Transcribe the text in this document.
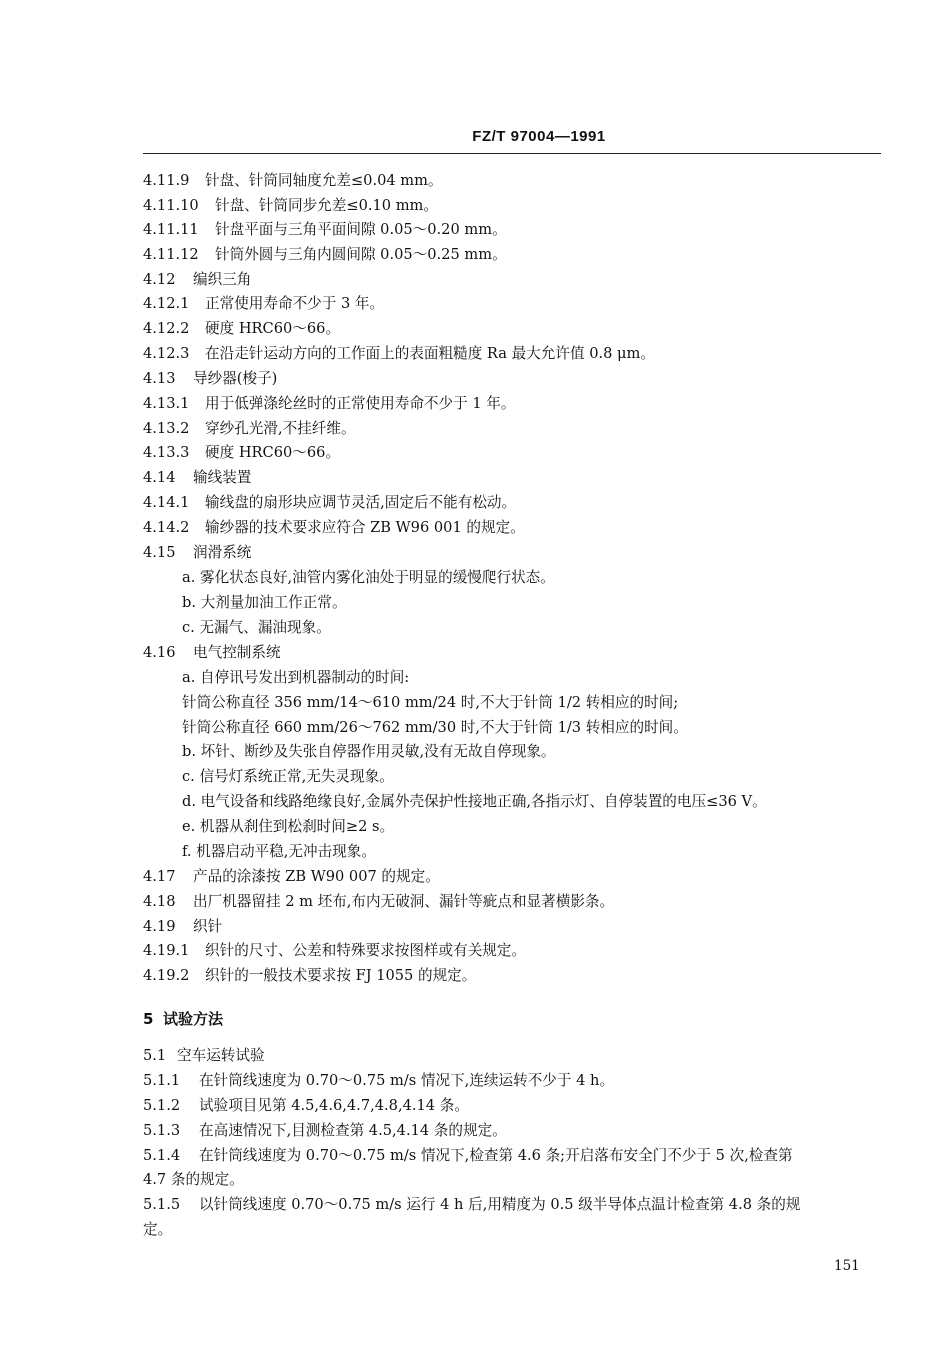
FZ/T 97004—1991
4.11.9 针盘、针筒同轴度允差≤0.04 mm。
4.11.10 针盘、针筒同步允差≤0.10 mm。
4.11.11 针盘平面与三角平面间隙 0.05～0.20 mm。
4.11.12 针筒外圆与三角内圆间隙 0.05～0.25 mm。
4.12 编织三角
4.12.1 正常使用寿命不少于 3 年。
4.12.2 硬度 HRC60～66。
4.12.3 在沿走针运动方向的工作面上的表面粗糙度 Ra 最大允许值 0.8 μm。
4.13 导纱器(梭子)
4.13.1 用于低弹涤纶丝时的正常使用寿命不少于 1 年。
4.13.2 穿纱孔光滑,不挂纤维。
4.13.3 硬度 HRC60～66。
4.14 输线装置
4.14.1 输线盘的扇形块应调节灵活,固定后不能有松动。
4.14.2 输纱器的技术要求应符合 ZB W96 001 的规定。
4.15 润滑系统
a. 雾化状态良好,油管内雾化油处于明显的缓慢爬行状态。
b. 大剂量加油工作正常。
c. 无漏气、漏油现象。
4.16 电气控制系统
a. 自停讯号发出到机器制动的时间:
针筒公称直径 356 mm/14～610 mm/24 时,不大于针筒 1/2 转相应的时间;
针筒公称直径 660 mm/26～762 mm/30 时,不大于针筒 1/3 转相应的时间。
b. 坏针、断纱及失张自停器作用灵敏,没有无故自停现象。
c. 信号灯系统正常,无失灵现象。
d. 电气设备和线路绝缘良好,金属外壳保护性接地正确,各指示灯、自停装置的电压≤36 V。
e. 机器从刹住到松刹时间≥2 s。
f. 机器启动平稳,无冲击现象。
4.17 产品的涂漆按 ZB W90 007 的规定。
4.18 出厂机器留挂 2 m 坯布,布内无破洞、漏针等疵点和显著横影条。
4.19 织针
4.19.1 织针的尺寸、公差和特殊要求按图样或有关规定。
4.19.2 织针的一般技术要求按 FJ 1055 的规定。
5 试验方法
5.1 空车运转试验
5.1.1 在针筒线速度为 0.70～0.75 m/s 情况下,连续运转不少于 4 h。
5.1.2 试验项目见第 4.5,4.6,4.7,4.8,4.14 条。
5.1.3 在高速情况下,目测检查第 4.5,4.14 条的规定。
5.1.4 在针筒线速度为 0.70～0.75 m/s 情况下,检查第 4.6 条;开启落布安全门不少于 5 次,检查第
4.7 条的规定。
5.1.5 以针筒线速度 0.70～0.75 m/s 运行 4 h 后,用精度为 0.5 级半导体点温计检查第 4.8 条的规
定。
151
